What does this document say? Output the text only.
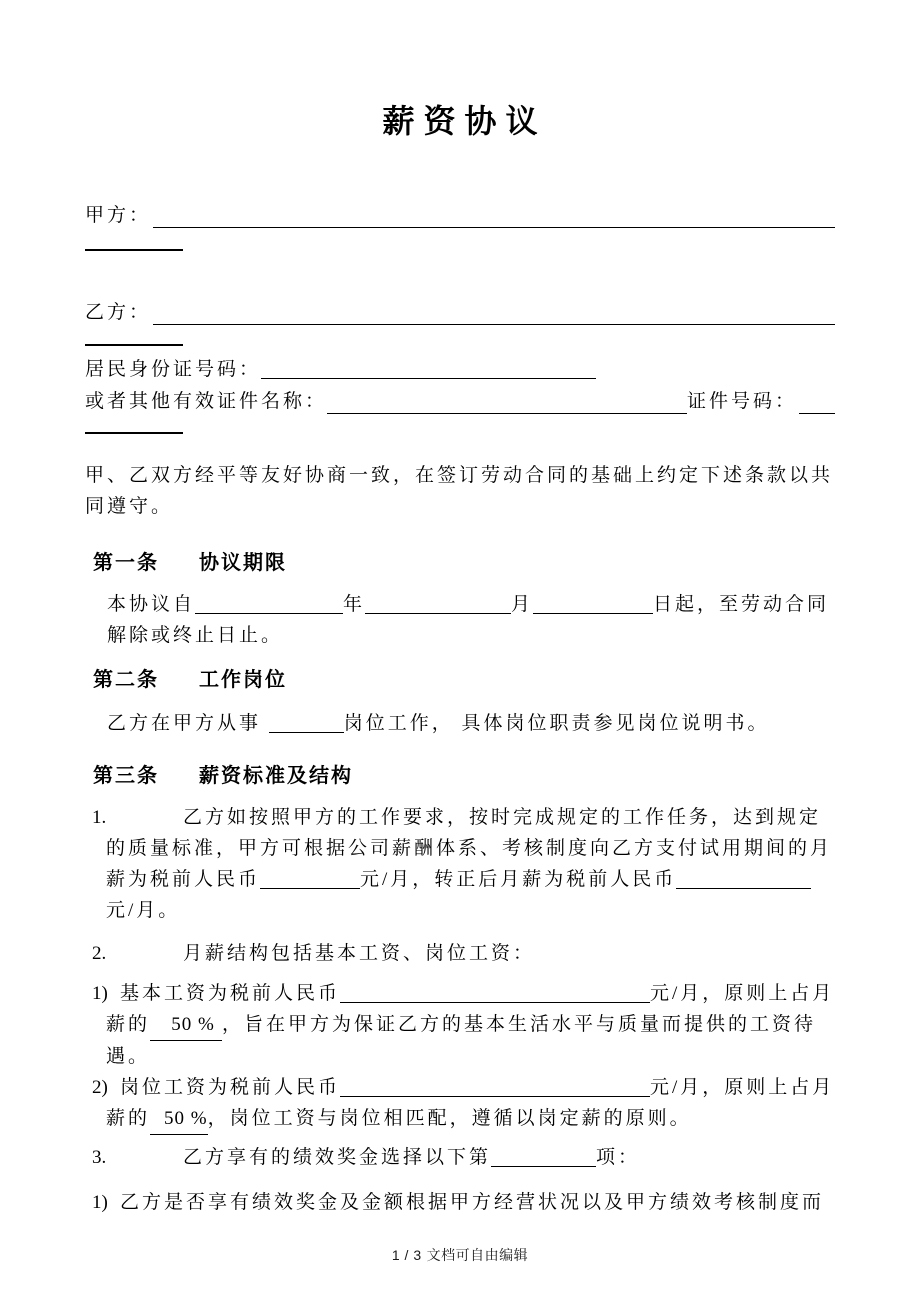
薪资协议
甲方：
乙方：
居民身份证号码：
或者其他有效证件名称：	证件号码：

甲、乙双方经平等友好协商一致，在签订劳动合同的基础上约定下述条款以共同遵守。

第一条 协议期限

本协议自	年	月	日起，至劳动合同解除或终止日止。

第二条 工作岗位

乙方在甲方从事	岗位工作， 具体岗位职责参见岗位说明书。

第三条 薪资标准及结构
1.	乙方如按照甲方的工作要求，按时完成规定的工作任务，达到规定的质量标准，甲方可根据公司薪酬体系、考核制度向乙方支付试用期间的月薪为税前人民币	元/月，转正后月薪为税前人民币元/月。

2.	月薪结构包括基本工资、岗位工资：

1) 基本工资为税前人民币	元/月，原则上占月薪的 50 % ，旨在甲方为保证乙方的基本生活水平与质量而提供的工资待遇。

2) 岗位工资为税前人民币	元/月，原则上占月薪的 50 %，岗位工资与岗位相匹配，遵循以岗定薪的原则。

3.	乙方享有的绩效奖金选择以下第	项：

1) 乙方是否享有绩效奖金及金额根据甲方经营状况以及甲方绩效考核制度而

1 / 3 文档可自由编辑
